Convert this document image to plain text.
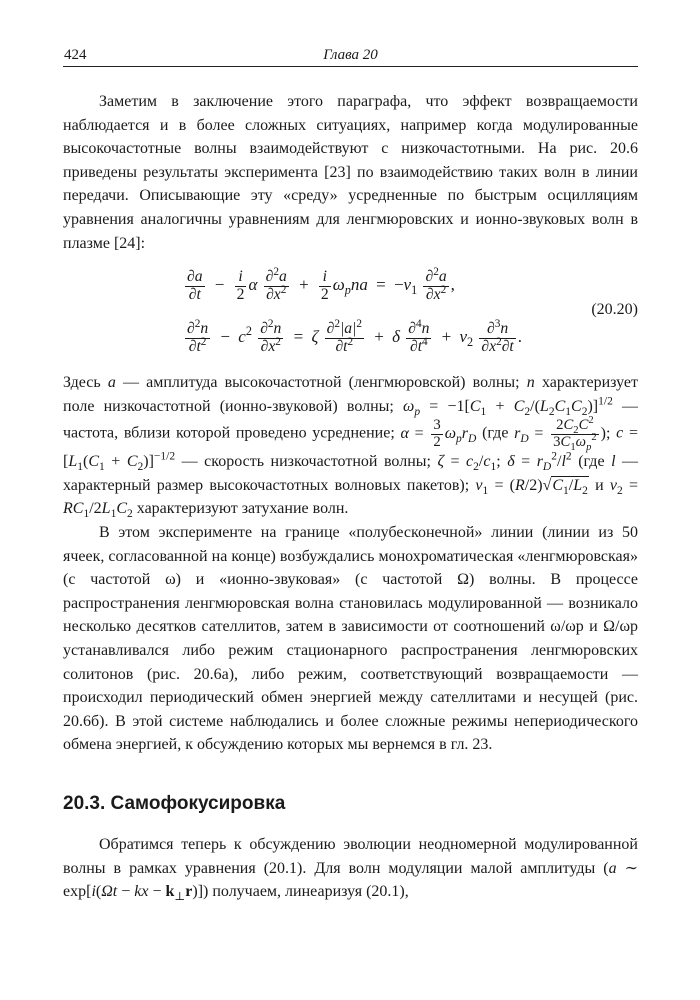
424	Глава 20

Заметим в заключение этого параграфа, что эффект возвращаемости наблюдается и в более сложных ситуациях, например когда модулированные высокочастотные волны взаимодействуют с низкочастотными. На рис. 20.6 приведены результаты эксперимента [23] по взаимодействию таких волн в линии передачи. Описывающие эту «среду» усредненные по быстрым осцилляциям уравнения аналогичны уравнениям для ленгмюровских и ионно-звуковых волн в плазме [24]:

$\frac{\partial a}{\partial t} - \frac{i}{2}$ α $\frac{\partial^2a}{\partial x^2} + \frac{i}{2} \omega_pna = -\nu_1 \frac{\partial^2a}{\partial x^2}$ ,
$\frac{\partial^2n}{\partial t^2} - c^2 \frac{\partial^2n}{\partial x^2} = \zeta \frac{\partial^2|a|^2}{\partial t^2} + \delta \frac{\partial^4n}{\partial t^4} + \nu_2 \frac{\partial^3n}{\partial x^2\partial t}$ .
(20.20)

Здесь a — амплитуда высокочастотной (ленгмюровской) волны; n характеризует поле низкочастотной (ионно-звуковой) волны; $\omega_p = -1[C_1 + C_2/(L_2C_1C_2)]^{1/2}$ — частота, вблизи которой проведено усреднение; $\alpha = \frac{3}{2} \omega_pr_D$ (где $r_D = \frac{2C_2C^2}{3C_1\omega_p^2}$ ); $c = [L_1(C_1 + C_2)]^{-1/2}$ — скорость низкочастотной волны; $\zeta = c_2/c_1$; $\delta = r_D^2/l^2$ (где l — характерный размер высокочастотных волновых пакетов); $\nu_1 = (R/2)√C_1/L_2$ и $\nu_2 = RC_1/2L_1C_2$ характеризуют затухание волн.

В этом эксперименте на границе «полубесконечной» линии (линии из 50 ячеек, согласованной на конце) возбуждались монохроматическая «ленгмюровская» (с частотой ω) и «ионно-звуковая» (с частотой Ω) волны. В процессе распространения ленгмюровская волна становилась модулированной — возникало несколько десятков сателлитов, затем в зависимости от соотношений ω/ωp и Ω/ωp устанавливался либо режим стационарного распространения ленгмюровских солитонов (рис. 20.6а), либо режим, соответствующий возвращаемости — происходил периодический обмен энергией между сателлитами и несущей (рис. 20.6б). В этой системе наблюдались и более сложные режимы непериодического обмена энергией, к обсуждению которых мы вернемся в гл. 23.

20.3. Самофокусировка

Обратимся теперь к обсуждению эволюции неодномерной модулированной волны в рамках уравнения (20.1). Для волн модуляции малой амплитуды (a ∼ exp[i(Ωt − kx − $k_\perp r$)]) получаем, линеаризуя (20.1),
